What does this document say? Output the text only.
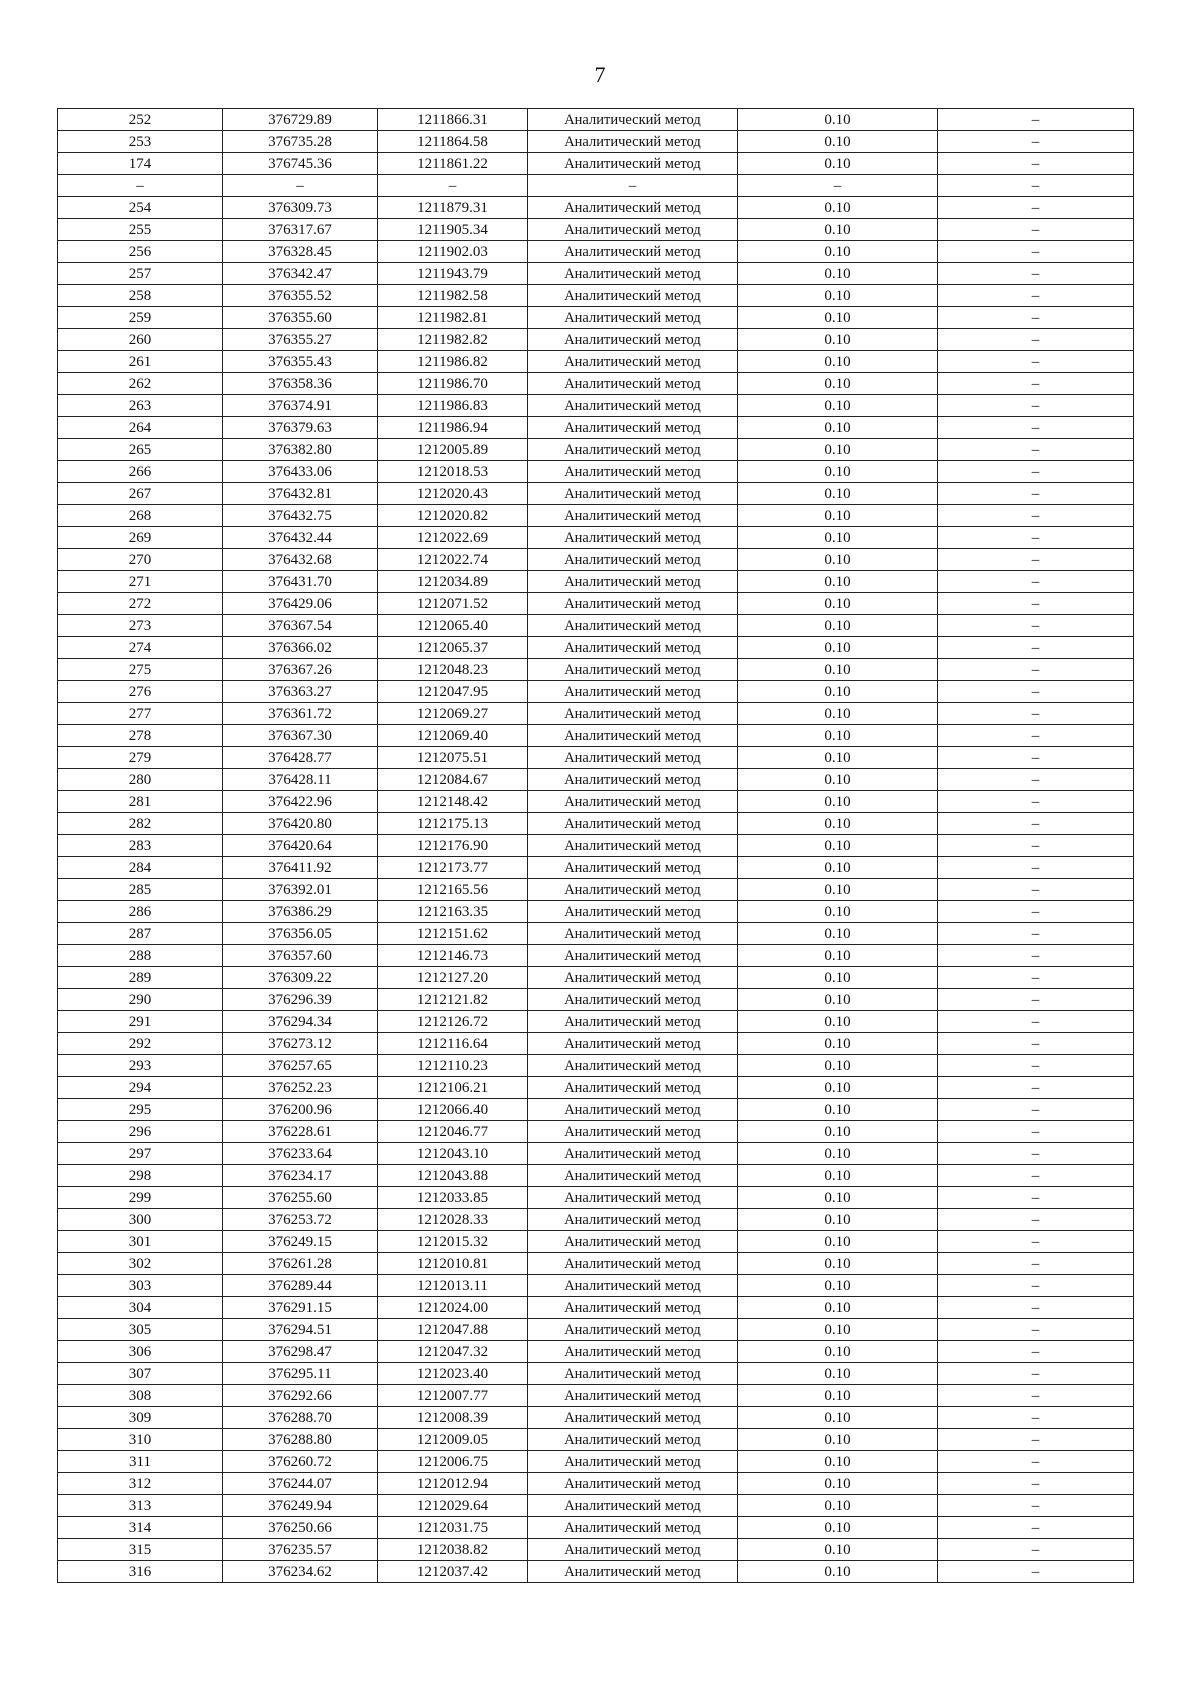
7
252	376729.89	1211866.31	Аналитический метод	0.10	–
253	376735.28	1211864.58	Аналитический метод	0.10	–
174	376745.36	1211861.22	Аналитический метод	0.10	–
–	–	–	–	–	–
254	376309.73	1211879.31	Аналитический метод	0.10	–
255	376317.67	1211905.34	Аналитический метод	0.10	–
256	376328.45	1211902.03	Аналитический метод	0.10	–
257	376342.47	1211943.79	Аналитический метод	0.10	–
258	376355.52	1211982.58	Аналитический метод	0.10	–
259	376355.60	1211982.81	Аналитический метод	0.10	–
260	376355.27	1211982.82	Аналитический метод	0.10	–
261	376355.43	1211986.82	Аналитический метод	0.10	–
262	376358.36	1211986.70	Аналитический метод	0.10	–
263	376374.91	1211986.83	Аналитический метод	0.10	–
264	376379.63	1211986.94	Аналитический метод	0.10	–
265	376382.80	1212005.89	Аналитический метод	0.10	–
266	376433.06	1212018.53	Аналитический метод	0.10	–
267	376432.81	1212020.43	Аналитический метод	0.10	–
268	376432.75	1212020.82	Аналитический метод	0.10	–
269	376432.44	1212022.69	Аналитический метод	0.10	–
270	376432.68	1212022.74	Аналитический метод	0.10	–
271	376431.70	1212034.89	Аналитический метод	0.10	–
272	376429.06	1212071.52	Аналитический метод	0.10	–
273	376367.54	1212065.40	Аналитический метод	0.10	–
274	376366.02	1212065.37	Аналитический метод	0.10	–
275	376367.26	1212048.23	Аналитический метод	0.10	–
276	376363.27	1212047.95	Аналитический метод	0.10	–
277	376361.72	1212069.27	Аналитический метод	0.10	–
278	376367.30	1212069.40	Аналитический метод	0.10	–
279	376428.77	1212075.51	Аналитический метод	0.10	–
280	376428.11	1212084.67	Аналитический метод	0.10	–
281	376422.96	1212148.42	Аналитический метод	0.10	–
282	376420.80	1212175.13	Аналитический метод	0.10	–
283	376420.64	1212176.90	Аналитический метод	0.10	–
284	376411.92	1212173.77	Аналитический метод	0.10	–
285	376392.01	1212165.56	Аналитический метод	0.10	–
286	376386.29	1212163.35	Аналитический метод	0.10	–
287	376356.05	1212151.62	Аналитический метод	0.10	–
288	376357.60	1212146.73	Аналитический метод	0.10	–
289	376309.22	1212127.20	Аналитический метод	0.10	–
290	376296.39	1212121.82	Аналитический метод	0.10	–
291	376294.34	1212126.72	Аналитический метод	0.10	–
292	376273.12	1212116.64	Аналитический метод	0.10	–
293	376257.65	1212110.23	Аналитический метод	0.10	–
294	376252.23	1212106.21	Аналитический метод	0.10	–
295	376200.96	1212066.40	Аналитический метод	0.10	–
296	376228.61	1212046.77	Аналитический метод	0.10	–
297	376233.64	1212043.10	Аналитический метод	0.10	–
298	376234.17	1212043.88	Аналитический метод	0.10	–
299	376255.60	1212033.85	Аналитический метод	0.10	–
300	376253.72	1212028.33	Аналитический метод	0.10	–
301	376249.15	1212015.32	Аналитический метод	0.10	–
302	376261.28	1212010.81	Аналитический метод	0.10	–
303	376289.44	1212013.11	Аналитический метод	0.10	–
304	376291.15	1212024.00	Аналитический метод	0.10	–
305	376294.51	1212047.88	Аналитический метод	0.10	–
306	376298.47	1212047.32	Аналитический метод	0.10	–
307	376295.11	1212023.40	Аналитический метод	0.10	–
308	376292.66	1212007.77	Аналитический метод	0.10	–
309	376288.70	1212008.39	Аналитический метод	0.10	–
310	376288.80	1212009.05	Аналитический метод	0.10	–
311	376260.72	1212006.75	Аналитический метод	0.10	–
312	376244.07	1212012.94	Аналитический метод	0.10	–
313	376249.94	1212029.64	Аналитический метод	0.10	–
314	376250.66	1212031.75	Аналитический метод	0.10	–
315	376235.57	1212038.82	Аналитический метод	0.10	–
316	376234.62	1212037.42	Аналитический метод	0.10	–
